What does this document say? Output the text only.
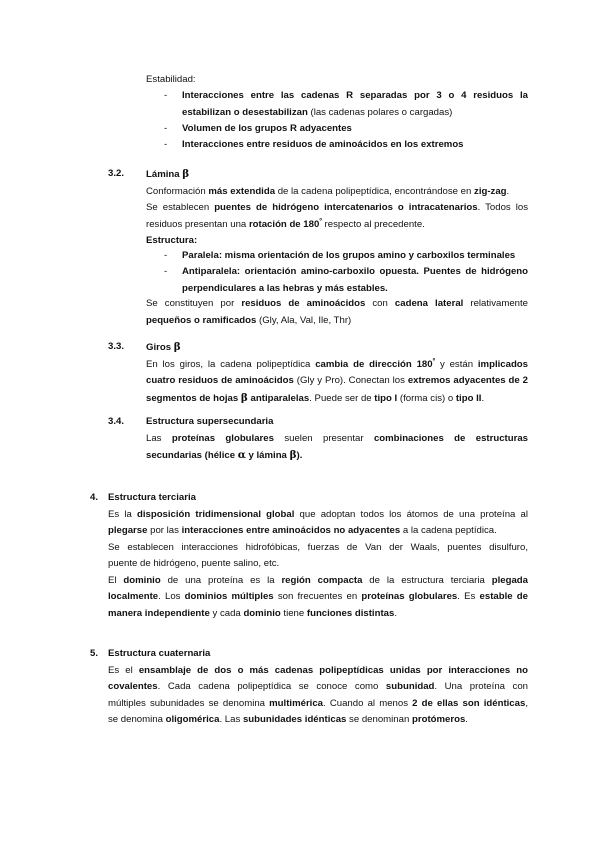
Estabilidad:
- Interacciones entre las cadenas R separadas por 3 o 4 residuos la
estabilizan o desestabilizan (las cadenas polares o cargadas)
- Volumen de los grupos R adyacentes
- Interacciones entre residuos de aminoácidos en los extremos
3.2. Lámina β
Conformación más extendida de la cadena polipeptídica, encontrándose en zig-zag.
Se establecen puentes de hidrógeno intercatenarios o intracatenarios. Todos los
residuos presentan una rotación de $180^º$ respecto al precedente.
Estructura:
- Paralela: misma orientación de los grupos amino y carboxilos terminales
- Antiparalela: orientación amino-carboxilo opuesta. Puentes de hidrógeno
perpendiculares a las hebras y más estables.
Se constituyen por residuos de aminoácidos con cadena lateral relativamente
pequeños o ramificados (Gly, Ala, Val, Ile, Thr)
3.3. Giros β
En los giros, la cadena polipeptídica cambia de dirección $180^º$ y están implicados
cuatro residuos de aminoácidos (Gly y Pro). Conectan los extremos adyacentes de 2
segmentos de hojas β antiparalelas. Puede ser de tipo I (forma cis) o tipo II.
3.4. Estructura supersecundaria
Las proteínas globulares suelen presentar combinaciones de estructuras
secundarias (hélice α y lámina β).
4. Estructura terciaria
Es la disposición tridimensional global que adoptan todos los átomos de una proteína al
plegarse por las interacciones entre aminoácidos no adyacentes a la cadena peptídica.
Se establecen interacciones hidrofóbicas, fuerzas de Van der Waals, puentes disulfuro,
puente de hidrógeno, puente salino, etc.
El dominio de una proteína es la región compacta de la estructura terciaria plegada
localmente. Los dominios múltiples son frecuentes en proteínas globulares. Es estable de
manera independiente y cada dominio tiene funciones distintas.
5. Estructura cuaternaria
Es el ensamblaje de dos o más cadenas polipeptídicas unidas por interacciones no
covalentes. Cada cadena polipeptídica se conoce como subunidad. Una proteína con
múltiples subunidades se denomina multimérica. Cuando al menos 2 de ellas son idénticas,
se denomina oligomérica. Las subunidades idénticas se denominan protómeros.
